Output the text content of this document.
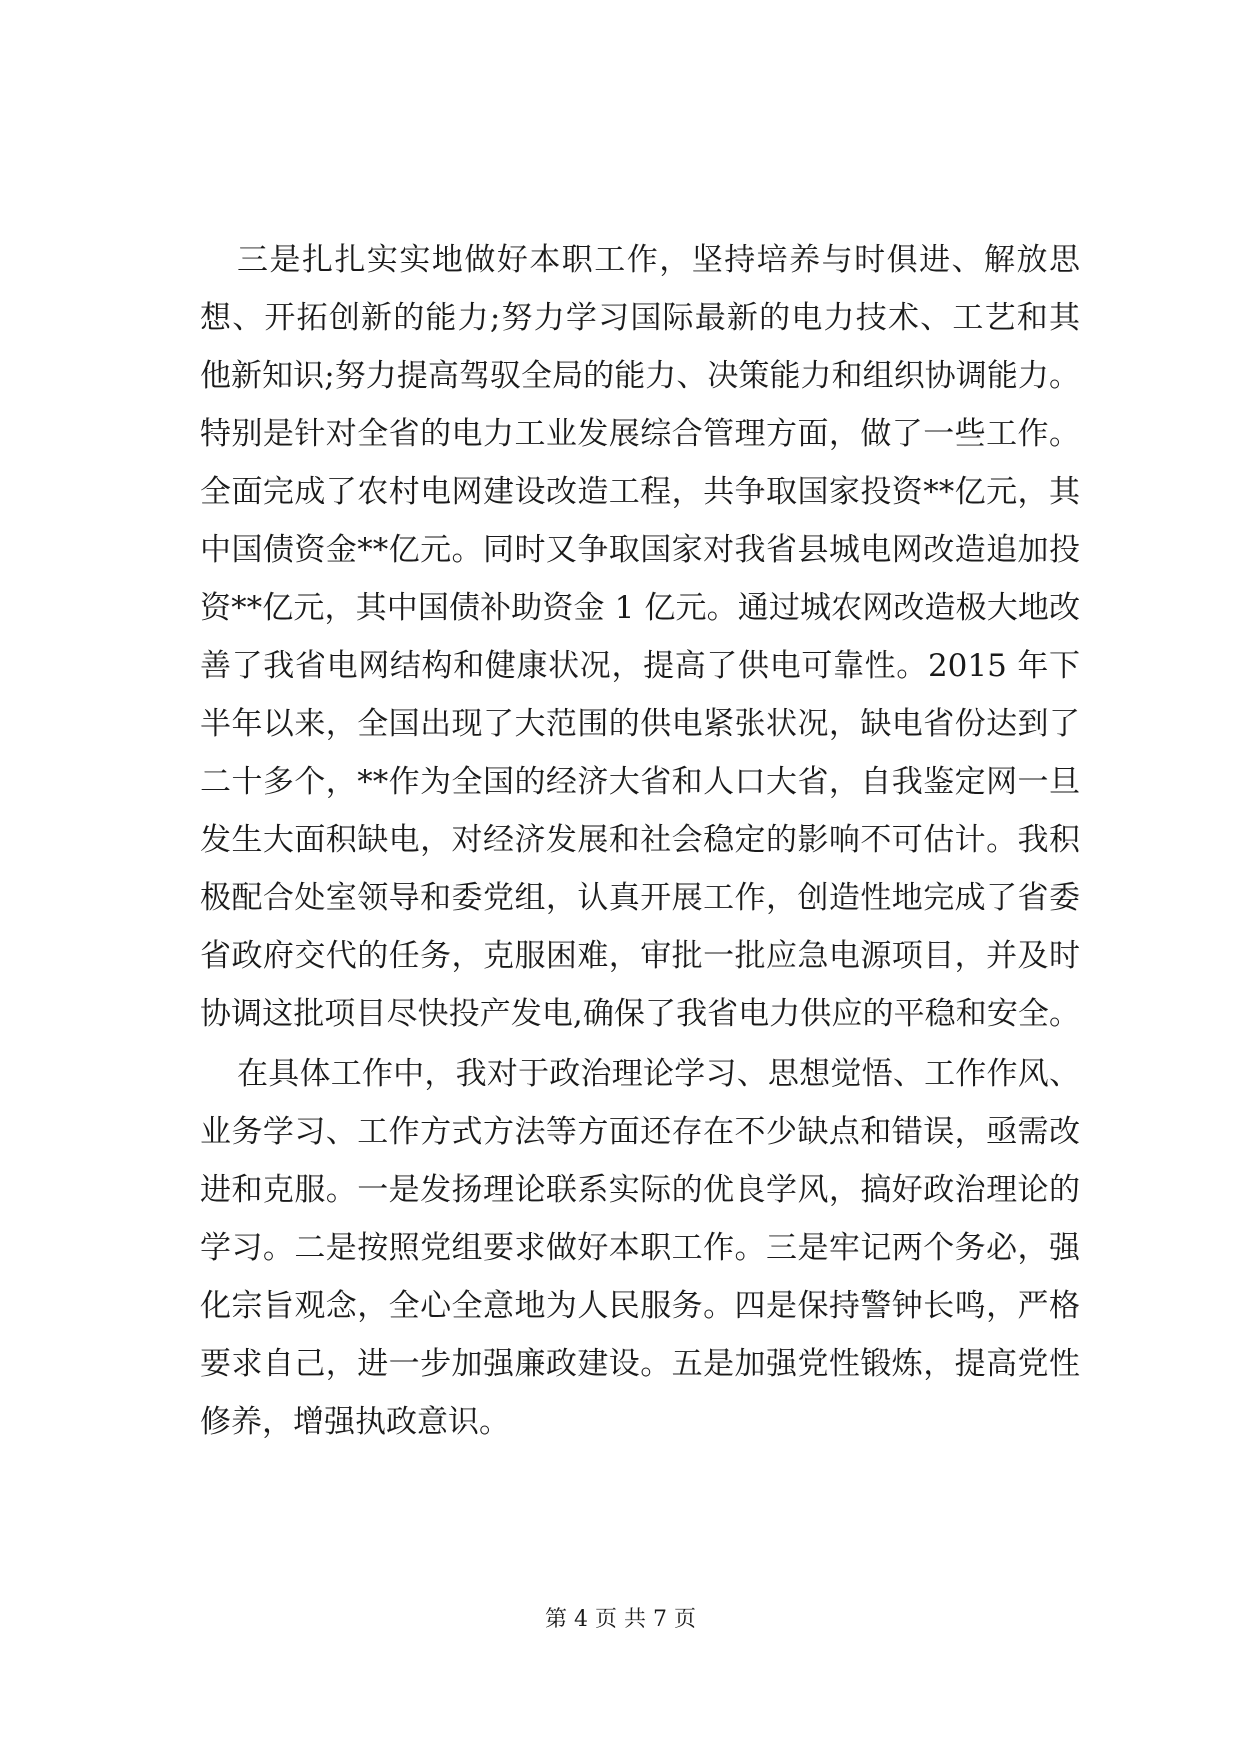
三是扎扎实实地做好本职工作，坚持培养与时俱进、解放思
想、开拓创新的能力;努力学习国际最新的电力技术、工艺和其
他新知识;努力提高驾驭全局的能力、决策能力和组织协调能力。
特别是针对全省的电力工业发展综合管理方面，做了一些工作。
全面完成了农村电网建设改造工程，共争取国家投资**亿元，其
中国债资金**亿元。同时又争取国家对我省县城电网改造追加投
资**亿元，其中国债补助资金 1 亿元。通过城农网改造极大地改
善了我省电网结构和健康状况，提高了供电可靠性。2015 年下
半年以来，全国出现了大范围的供电紧张状况，缺电省份达到了
二十多个，**作为全国的经济大省和人口大省，自我鉴定网一旦
发生大面积缺电，对经济发展和社会稳定的影响不可估计。我积
极配合处室领导和委党组，认真开展工作，创造性地完成了省委
省政府交代的任务，克服困难，审批一批应急电源项目，并及时
协调这批项目尽快投产发电,确保了我省电力供应的平稳和安全。
在具体工作中，我对于政治理论学习、思想觉悟、工作作风、
业务学习、工作方式方法等方面还存在不少缺点和错误，亟需改
进和克服。一是发扬理论联系实际的优良学风，搞好政治理论的
学习。二是按照党组要求做好本职工作。三是牢记两个务必，强
化宗旨观念，全心全意地为人民服务。四是保持警钟长鸣，严格
要求自己，进一步加强廉政建设。五是加强党性锻炼，提高党性
修养，增强执政意识。
第 4 页 共 7 页
